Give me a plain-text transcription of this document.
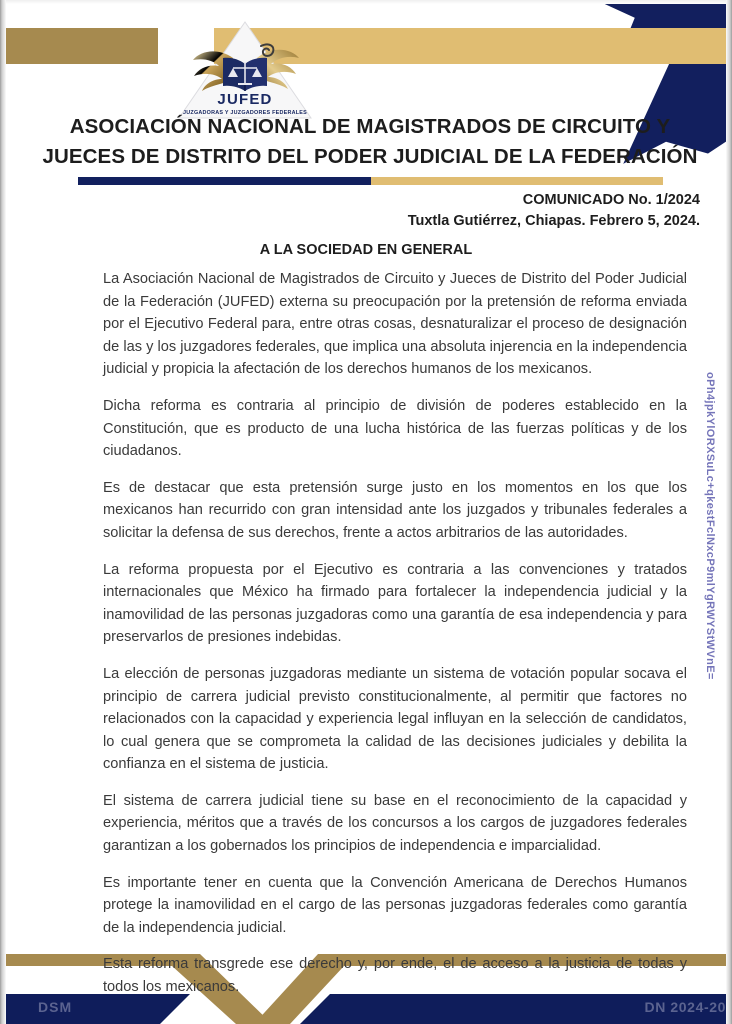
JUFED
JUZGADORAS Y JUZGADORES FEDERALES
ASOCIACIÓN NACIONAL DE MAGISTRADOS DE CIRCUITO Y
JUECES DE DISTRITO DEL PODER JUDICIAL DE LA FEDERACIÓN
COMUNICADO No. 1/2024
Tuxtla Gutiérrez, Chiapas. Febrero 5, 2024.
A LA SOCIEDAD EN GENERAL

La Asociación Nacional de Magistrados de Circuito y Jueces de Distrito del Poder Judicial de la Federación (JUFED) externa su preocupación por la pretensión de reforma enviada por el Ejecutivo Federal para, entre otras cosas, desnaturalizar el proceso de designación de las y los juzgadores federales, que implica una absoluta injerencia en la independencia judicial y propicia la afectación de los derechos humanos de los mexicanos.

Dicha reforma es contraria al principio de división de poderes establecido en la Constitución, que es producto de una lucha histórica de las fuerzas políticas y de los ciudadanos.

Es de destacar que esta pretensión surge justo en los momentos en los que los mexicanos han recurrido con gran intensidad ante los juzgados y tribunales federales a solicitar la defensa de sus derechos, frente a actos arbitrarios de las autoridades.

La reforma propuesta por el Ejecutivo es contraria a las convenciones y tratados internacionales que México ha firmado para fortalecer la independencia judicial y la inamovilidad de las personas juzgadoras como una garantía de esa independencia y para preservarlos de presiones indebidas.

La elección de personas juzgadoras mediante un sistema de votación popular socava el principio de carrera judicial previsto constitucionalmente, al permitir que factores no relacionados con la capacidad y experiencia legal influyan en la selección de candidatos, lo cual genera que se comprometa la calidad de las decisiones judiciales y debilita la confianza en el sistema de justicia.

El sistema de carrera judicial tiene su base en el reconocimiento de la capacidad y experiencia, méritos que a través de los concursos a los cargos de juzgadores federales garantizan a los gobernados los principios de independencia e imparcialidad.

Es importante tener en cuenta que la Convención Americana de Derechos Humanos protege la inamovilidad en el cargo de las personas juzgadoras federales como garantía de la independencia judicial.

Esta reforma transgrede ese derecho y, por ende, el de acceso a la justicia de todas y todos los mexicanos.

oPh4jpkYlORXSuLc+qkestFclNxcP9mlYgRWYStWVnE=
DSM	DN 2024-20
